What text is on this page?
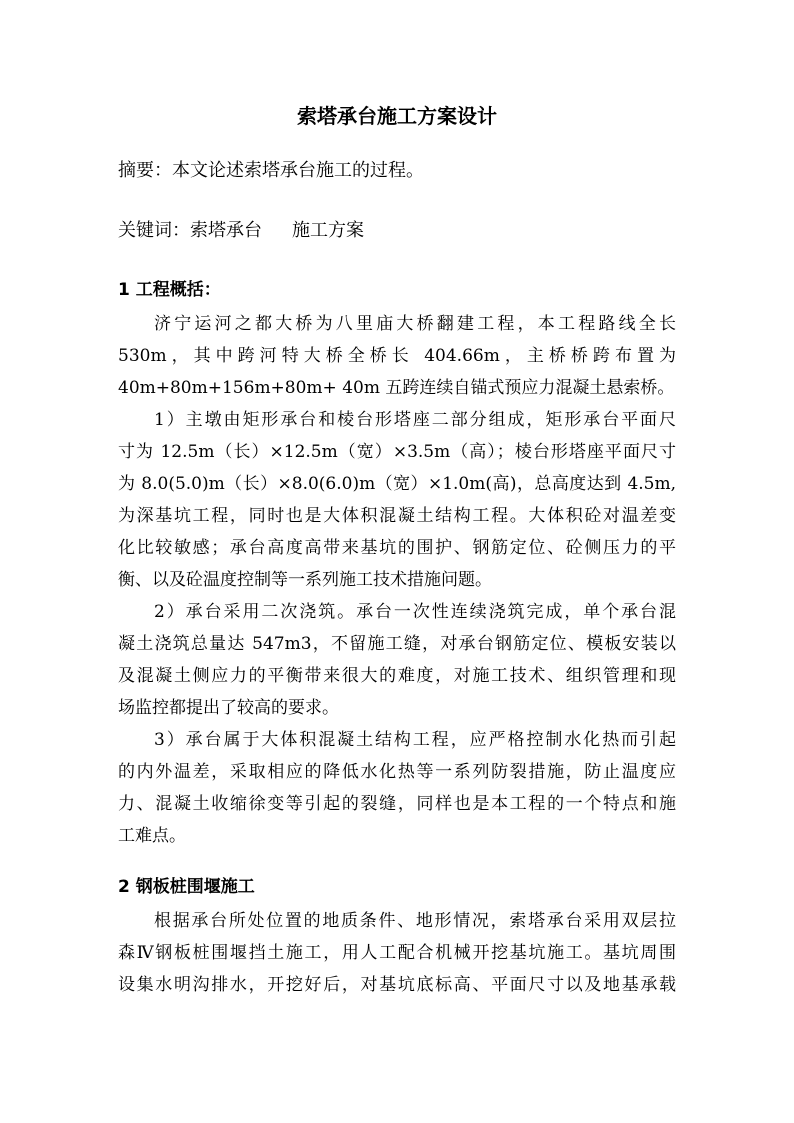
索塔承台施工方案设计
摘要：本文论述索塔承台施工的过程。
关键词：索塔承台 施工方案
1 工程概括：
济宁运河之都大桥为八里庙大桥翻建工程，本工程路线全长
530m，其中跨河特大桥全桥长 404.66m，主桥桥跨布置为
40m+80m+156m+80m+ 40m 五跨连续自锚式预应力混凝土悬索桥。
1）主墩由矩形承台和棱台形塔座二部分组成，矩形承台平面尺
寸为 12.5m（长）×12.5m（宽）×3.5m（高）；棱台形塔座平面尺寸
为 8.0(5.0)m（长）×8.0(6.0)m（宽）×1.0m(高)，总高度达到 4.5m,
为深基坑工程，同时也是大体积混凝土结构工程。大体积砼对温差变
化比较敏感；承台高度高带来基坑的围护、钢筋定位、砼侧压力的平
衡、以及砼温度控制等一系列施工技术措施问题。
2）承台采用二次浇筑。承台一次性连续浇筑完成，单个承台混
凝土浇筑总量达 547m3，不留施工缝，对承台钢筋定位、模板安装以
及混凝土侧应力的平衡带来很大的难度，对施工技术、组织管理和现
场监控都提出了较高的要求。
3）承台属于大体积混凝土结构工程，应严格控制水化热而引起
的内外温差，采取相应的降低水化热等一系列防裂措施，防止温度应
力、混凝土收缩徐变等引起的裂缝，同样也是本工程的一个特点和施
工难点。
2 钢板桩围堰施工
根据承台所处位置的地质条件、地形情况，索塔承台采用双层拉
森Ⅳ钢板桩围堰挡土施工，用人工配合机械开挖基坑施工。基坑周围
设集水明沟排水，开挖好后，对基坑底标高、平面尺寸以及地基承载
